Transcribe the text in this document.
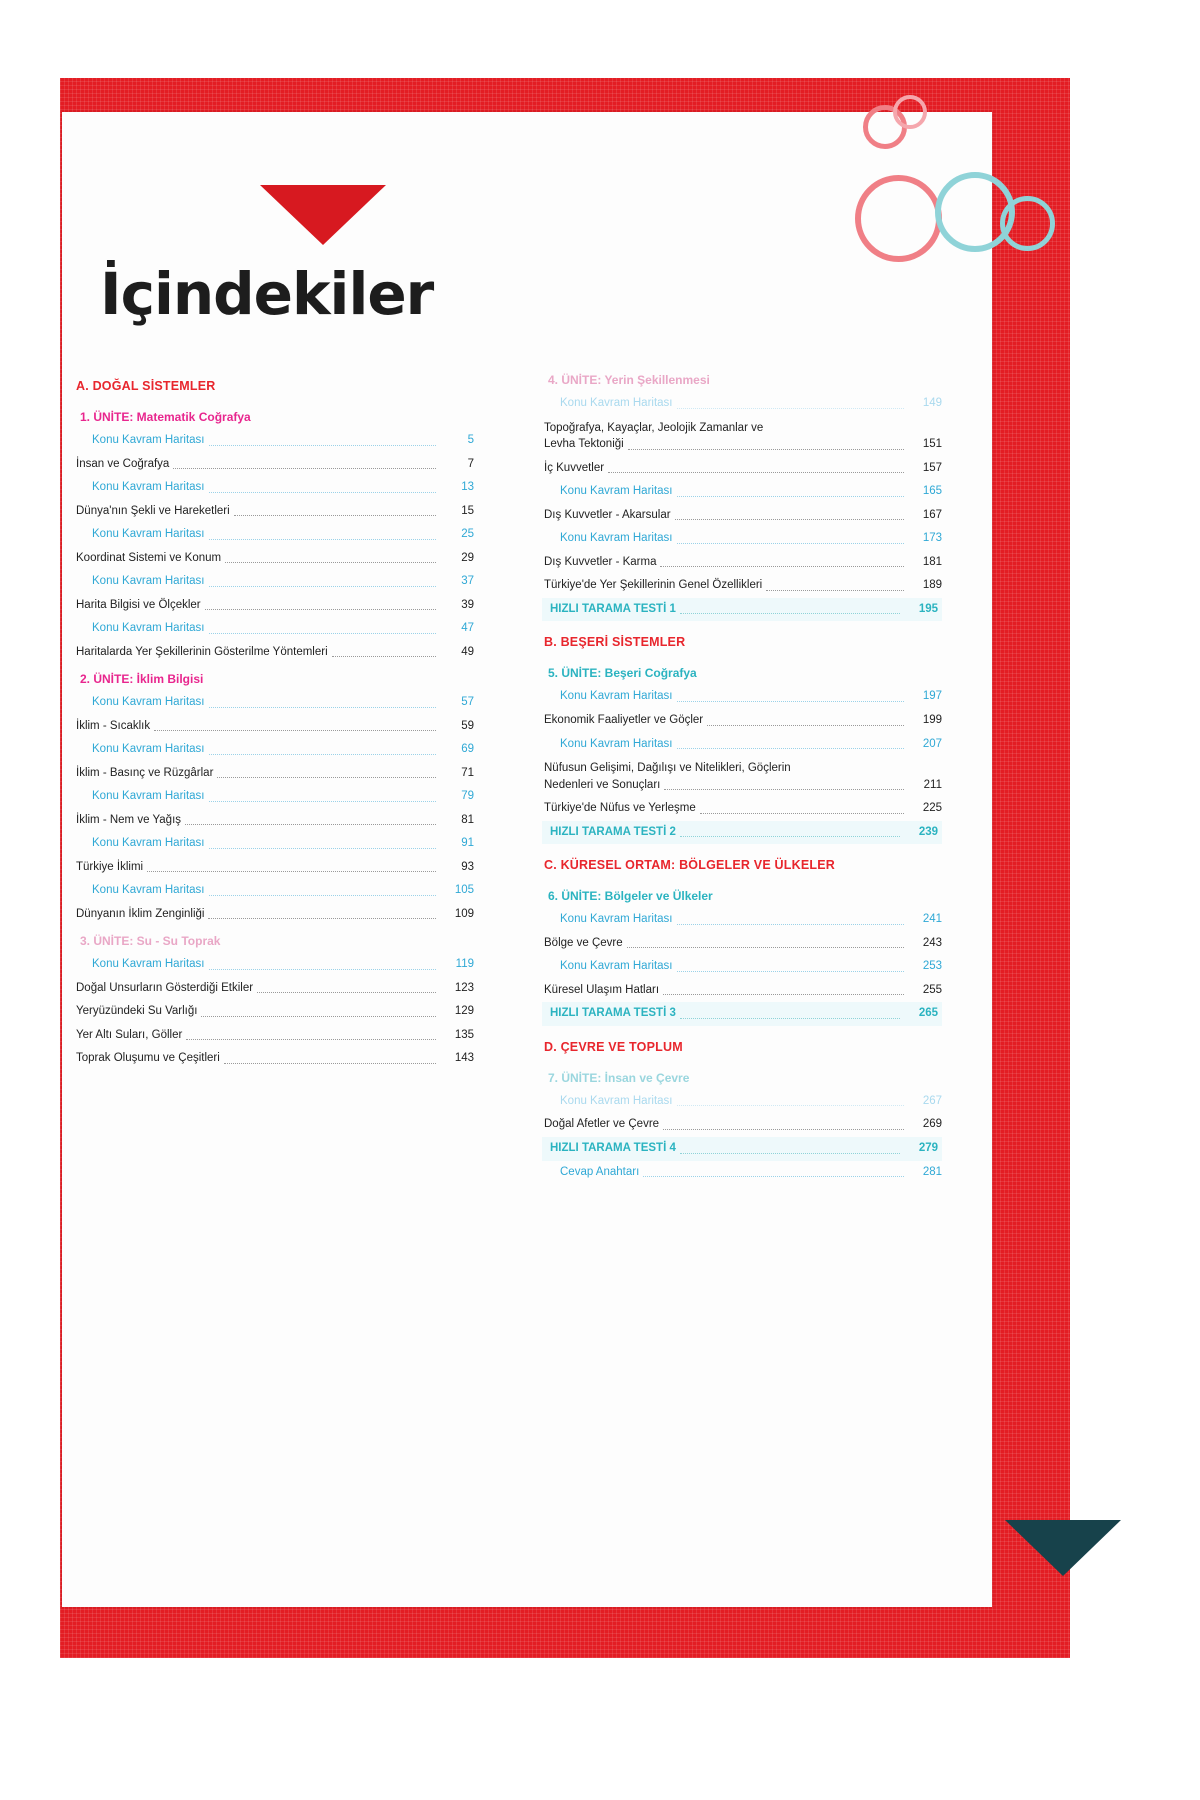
İçindekiler
A. DOĞAL SİSTEMLER
1. ÜNİTE: Matematik Coğrafya
Konu Kavram Haritası	5
İnsan ve Coğrafya	7
Konu Kavram Haritası	13
Dünya'nın Şekli ve Hareketleri	15
Konu Kavram Haritası	25
Koordinat Sistemi ve Konum	29
Konu Kavram Haritası	37
Harita Bilgisi ve Ölçekler	39
Konu Kavram Haritası	47
Haritalarda Yer Şekillerinin Gösterilme Yöntemleri	49
2. ÜNİTE: İklim Bilgisi
Konu Kavram Haritası	57
İklim - Sıcaklık	59
Konu Kavram Haritası	69
İklim - Basınç ve Rüzgârlar	71
Konu Kavram Haritası	79
İklim - Nem ve Yağış	81
Konu Kavram Haritası	91
Türkiye İklimi	93
Konu Kavram Haritası	105
Dünyanın İklim Zenginliği	109
3. ÜNİTE: Su - Su Toprak
Konu Kavram Haritası	119
Doğal Unsurların Gösterdiği Etkiler	123
Yeryüzündeki Su Varlığı	129
Yer Altı Suları, Göller	135
Toprak Oluşumu ve Çeşitleri	143
4. ÜNİTE: Yerin Şekillenmesi
Konu Kavram Haritası	149
Topoğrafya, Kayaçlar, Jeolojik Zamanlar ve
Levha Tektoniği	151
İç Kuvvetler	157
Konu Kavram Haritası	165
Dış Kuvvetler - Akarsular	167
Konu Kavram Haritası	173
Dış Kuvvetler - Karma	181
Türkiye'de Yer Şekillerinin Genel Özellikleri	189
HIZLI TARAMA TESTİ 1	195
B. BEŞERİ SİSTEMLER
5. ÜNİTE: Beşeri Coğrafya
Konu Kavram Haritası	197
Ekonomik Faaliyetler ve Göçler	199
Konu Kavram Haritası	207
Nüfusun Gelişimi, Dağılışı ve Nitelikleri, Göçlerin
Nedenleri ve Sonuçları	211
Türkiye'de Nüfus ve Yerleşme	225
HIZLI TARAMA TESTİ 2	239
C. KÜRESEL ORTAM: BÖLGELER VE ÜLKELER
6. ÜNİTE: Bölgeler ve Ülkeler
Konu Kavram Haritası	241
Bölge ve Çevre	243
Konu Kavram Haritası	253
Küresel Ulaşım Hatları	255
HIZLI TARAMA TESTİ 3	265
D. ÇEVRE VE TOPLUM
7. ÜNİTE: İnsan ve Çevre
Konu Kavram Haritası	267
Doğal Afetler ve Çevre	269
HIZLI TARAMA TESTİ 4	279
Cevap Anahtarı	281
